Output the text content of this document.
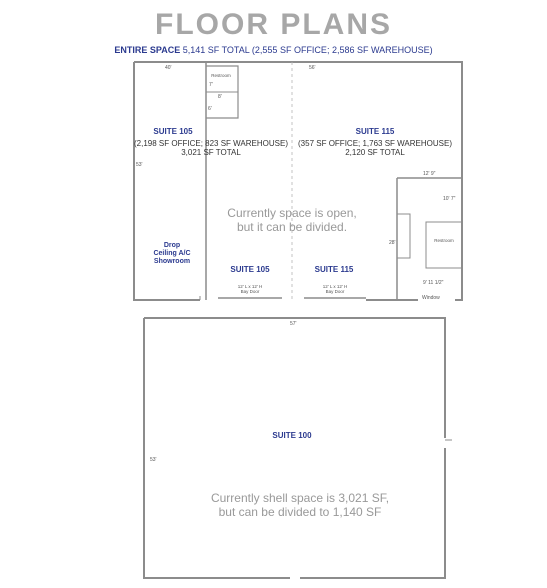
FLOOR PLANS
ENTIRE SPACE 5,141 SF TOTAL (2,555 SF OFFICE; 2,586 SF WAREHOUSE)
40'	56'
53'
Restroom
7'
8'
6'
SUITE 105
(2,198 SF OFFICE; 823 SF WAREHOUSE)
3,021 SF TOTAL
SUITE 115
(357 SF OFFICE; 1,763 SF WAREHOUSE)
2,120 SF TOTAL
12' 9"
10' 7"
28'	Restroom
9' 11 1/2"
Window
Currently space is open,
but it can be divided.
Drop
Ceiling A/C
Showroom
SUITE 105	SUITE 115
12' L x 12' H
Bay Door
12' L x 12' H
Bay Door
57'
53'
SUITE 100
Currently shell space is 3,021 SF,
but can be divided to 1,140 SF
